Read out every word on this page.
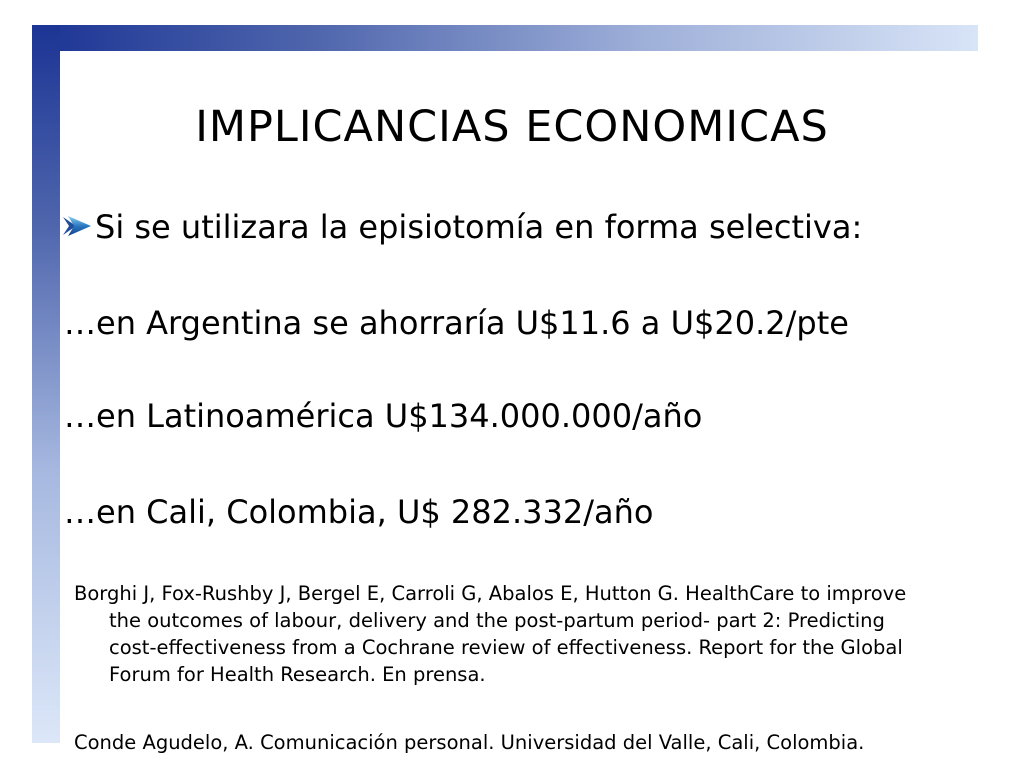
IMPLICANCIAS ECONOMICAS
Si se utilizara la episiotomía en forma selectiva:
…en Argentina se ahorraría U$11.6 a U$20.2/pte
…en Latinoamérica U$134.000.000/año
…en Cali, Colombia, U$ 282.332/año
Borghi J, Fox-Rushby J, Bergel E, Carroli G, Abalos E, Hutton G. HealthCare to improve
the outcomes of labour, delivery and the post-partum period- part 2: Predicting
cost-effectiveness from a Cochrane review of effectiveness. Report for the Global
Forum for Health Research. En prensa.
Conde Agudelo, A. Comunicación personal. Universidad del Valle, Cali, Colombia.
